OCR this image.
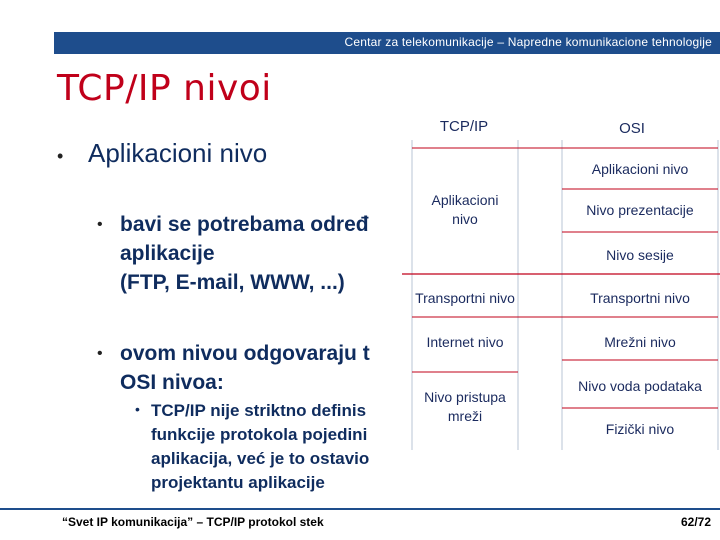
Centar za telekomunikacije – Napredne komunikacione tehnologije
TCP/IP nivoi
• Aplikacioni nivo
• bavi se potrebama određ
aplikacije
(FTP, E-mail, WWW, ...)
• ovom nivou odgovaraju t
OSI nivoa:
• TCP/IP nije striktno definis
funkcije protokola pojedini
aplikacija, već je to ostavio
projektantu aplikacije
TCP/IP	OSI
Aplikacioni
nivo
Transportni nivo
Internet nivo
Nivo pristupa
mreži
Aplikacioni nivo
Nivo prezentacije
Nivo sesije
Transportni nivo
Mrežni nivo
Nivo voda podataka
Fizički nivo
“Svet IP komunikacija” – TCP/IP protokol stek	62/72
